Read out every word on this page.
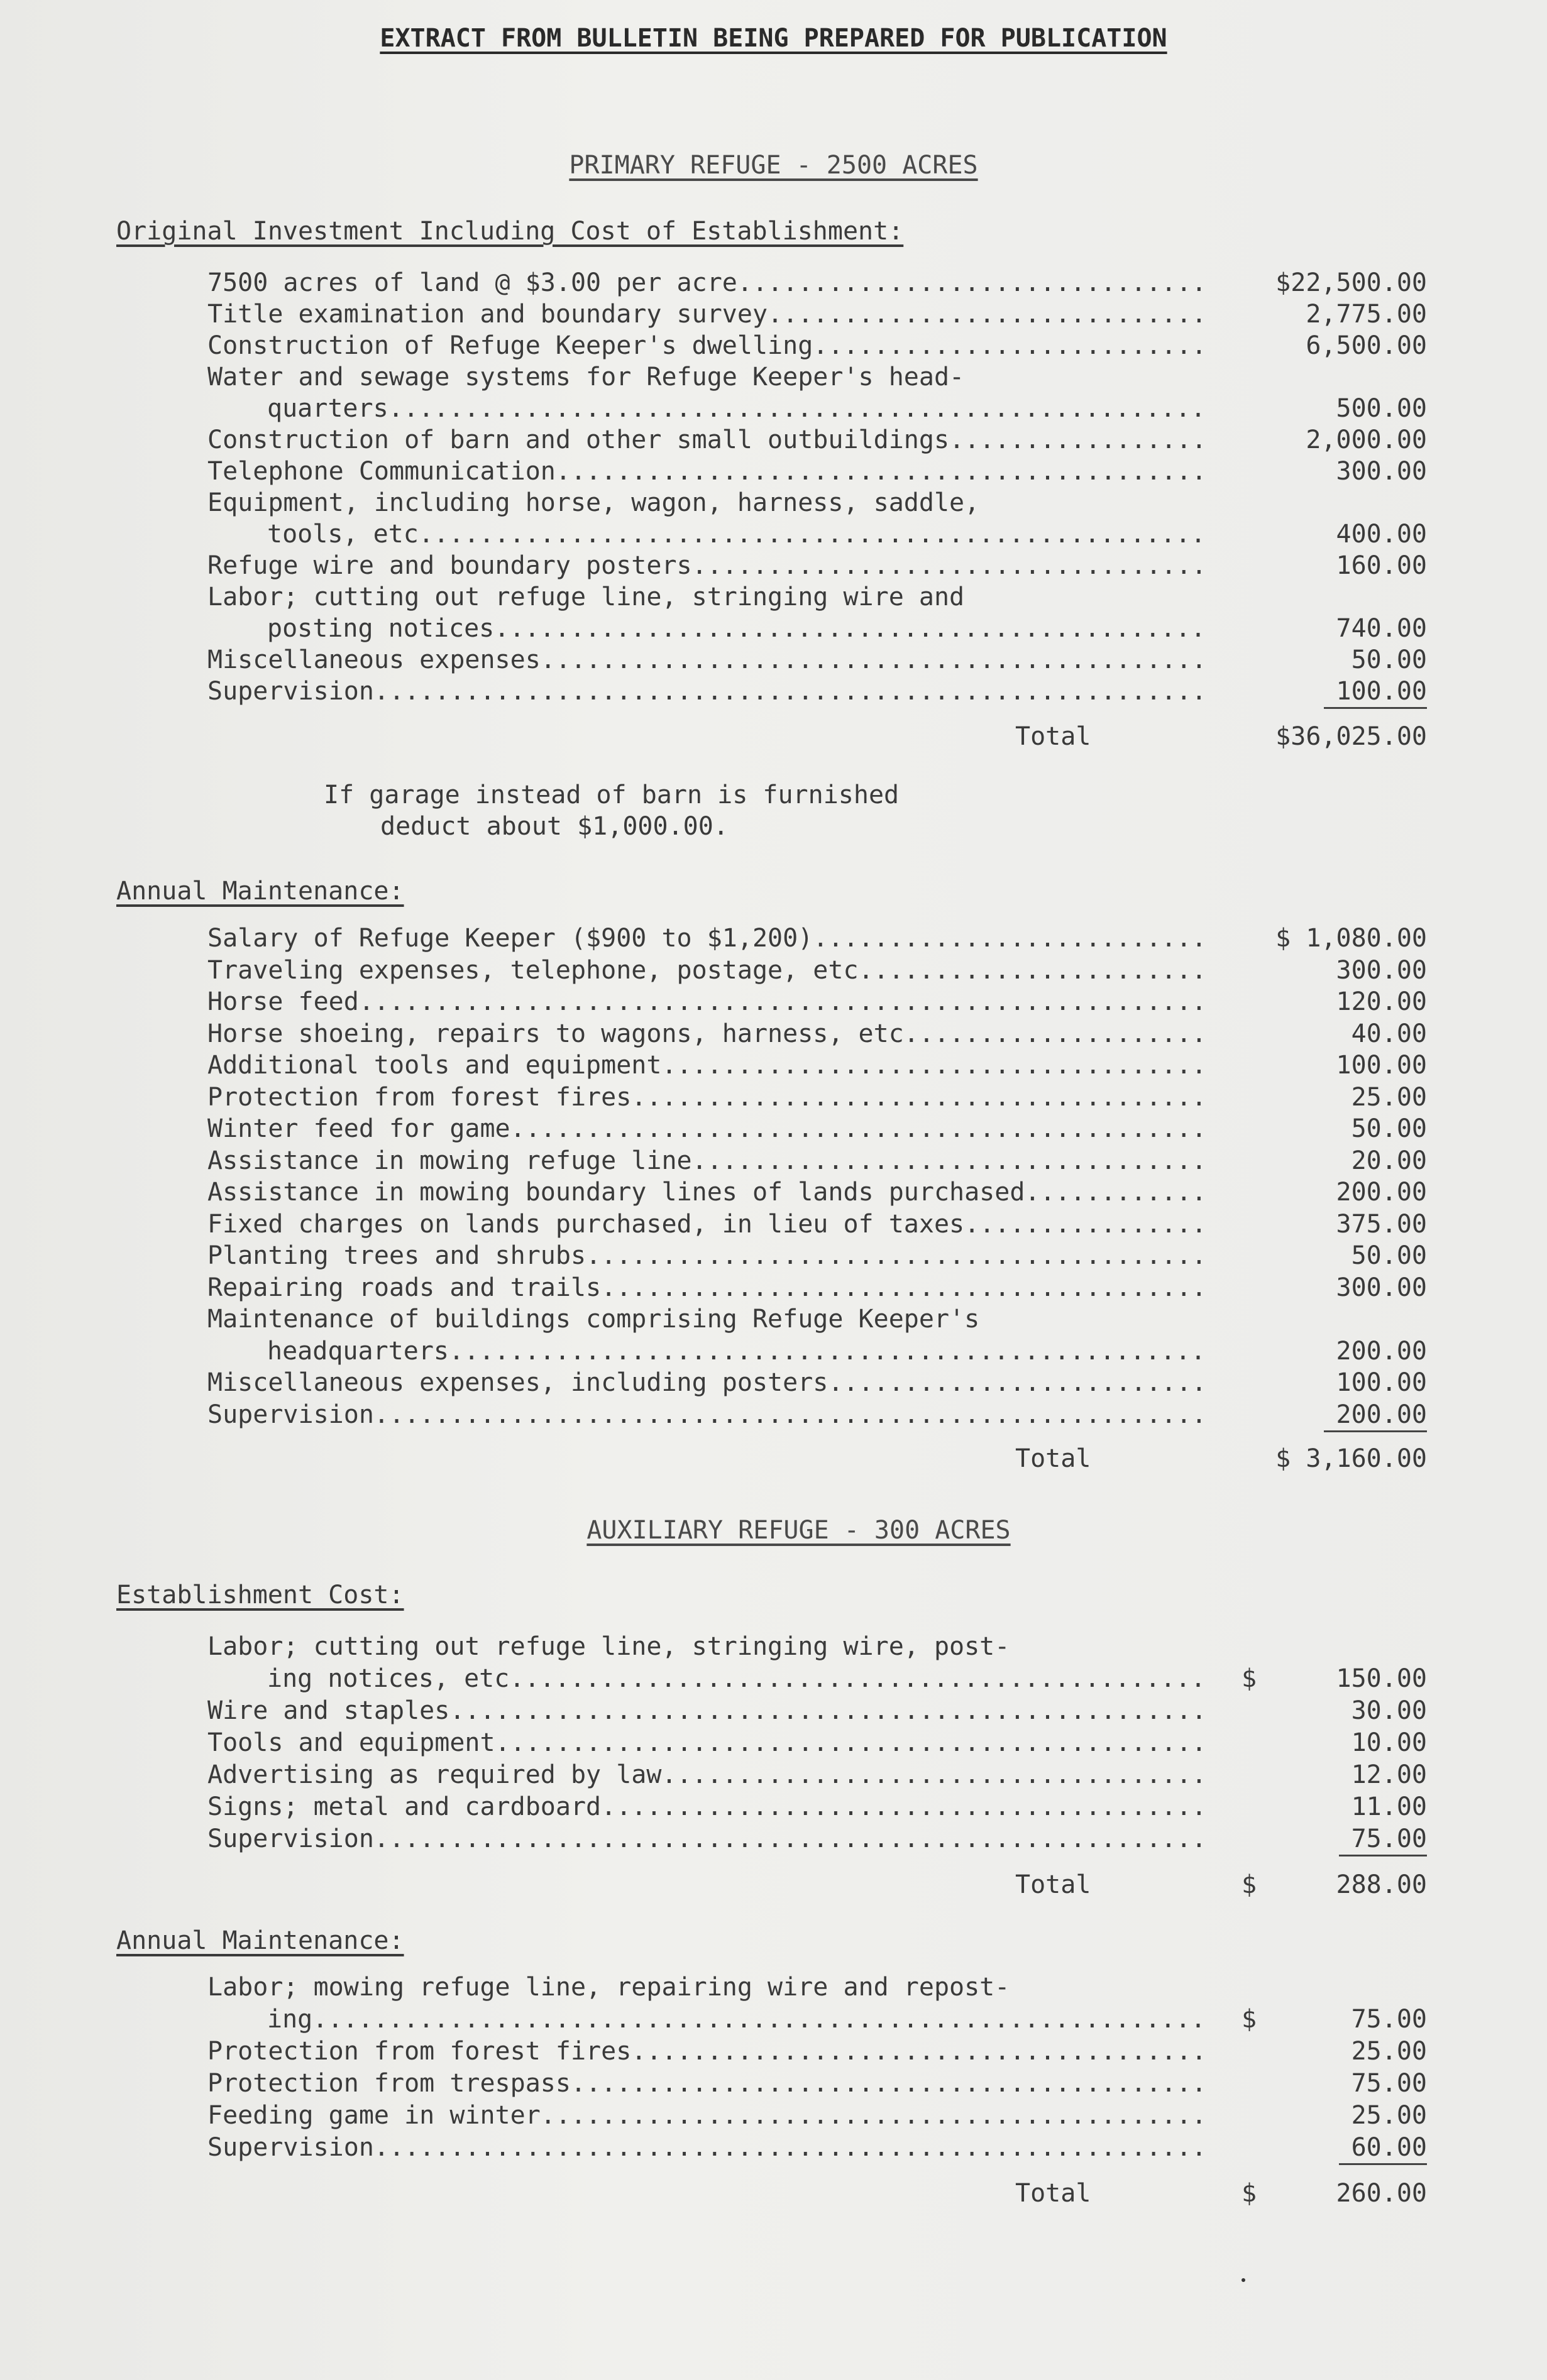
EXTRACT FROM BULLETIN BEING PREPARED FOR PUBLICATION
PRIMARY REFUGE - 2500 ACRES
Original Investment Including Cost of Establishment:
7500 acres of land @ $3.00 per acre...............................	$22,500.00
Title examination and boundary survey.............................	2,775.00
Construction of Refuge Keeper's dwelling..........................	6,500.00
Water and sewage systems for Refuge Keeper's head-
quarters......................................................	500.00
Construction of barn and other small outbuildings.................	2,000.00
Telephone Communication...........................................	300.00
Equipment, including horse, wagon, harness, saddle,
tools, etc....................................................	400.00
Refuge wire and boundary posters..................................	160.00
Labor; cutting out refuge line, stringing wire and
posting notices...............................................	740.00
Miscellaneous expenses............................................	50.00
Supervision.......................................................	100.00
Total	$36,025.00
If garage instead of barn is furnished
deduct about $1,000.00.
Annual Maintenance:
Salary of Refuge Keeper ($900 to $1,200)..........................	$ 1,080.00
Traveling expenses, telephone, postage, etc.......................	300.00
Horse feed........................................................	120.00
Horse shoeing, repairs to wagons, harness, etc....................	40.00
Additional tools and equipment....................................	100.00
Protection from forest fires......................................	25.00
Winter feed for game..............................................	50.00
Assistance in mowing refuge line..................................	20.00
Assistance in mowing boundary lines of lands purchased............	200.00
Fixed charges on lands purchased, in lieu of taxes................	375.00
Planting trees and shrubs.........................................	50.00
Repairing roads and trails........................................	300.00
Maintenance of buildings comprising Refuge Keeper's
headquarters..................................................	200.00
Miscellaneous expenses, including posters.........................	100.00
Supervision.......................................................	200.00
Total	$ 3,160.00
AUXILIARY REFUGE - 300 ACRES
Establishment Cost:
Labor; cutting out refuge line, stringing wire, post-
ing notices, etc.............................................. $	150.00
Wire and staples..................................................	30.00
Tools and equipment...............................................	10.00
Advertising as required by law....................................	12.00
Signs; metal and cardboard........................................	11.00
Supervision.......................................................	75.00
Total	$	288.00
Annual Maintenance:
Labor; mowing refuge line, repairing wire and repost-
ing........................................................... $	75.00
Protection from forest fires......................................	25.00
Protection from trespass..........................................	75.00
Feeding game in winter............................................	25.00
Supervision.......................................................	60.00
Total	$	260.00
